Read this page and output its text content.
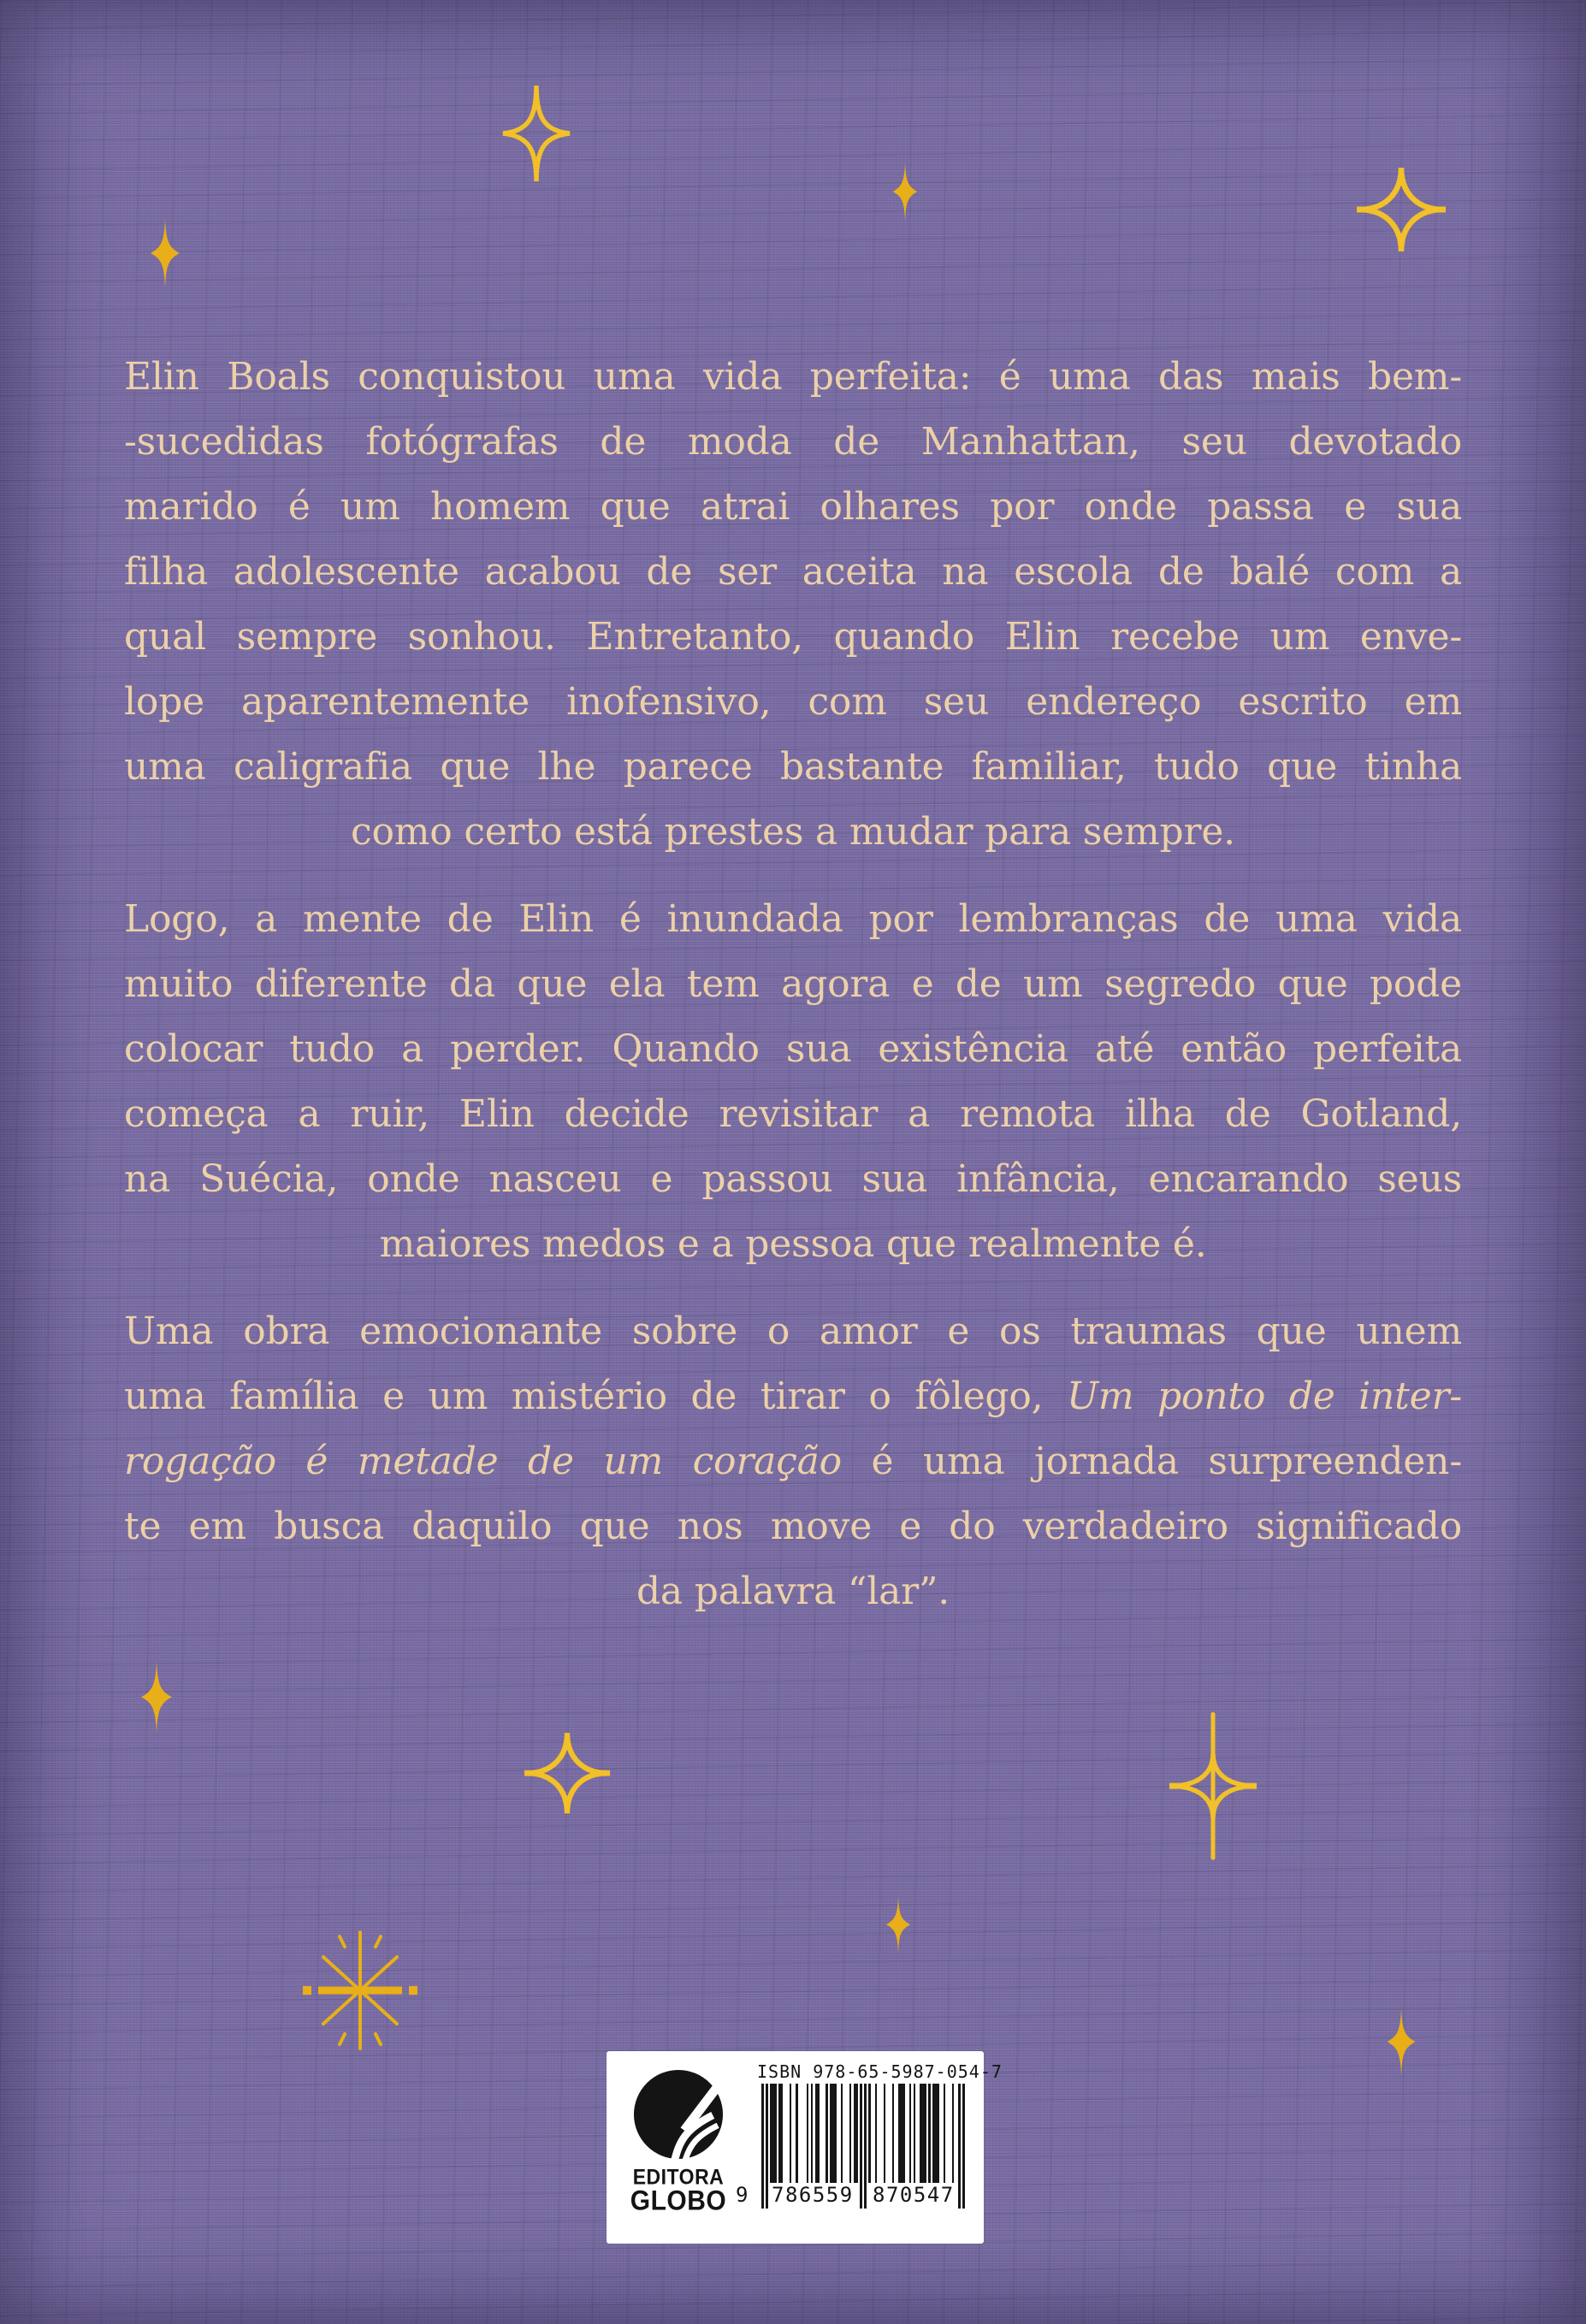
Elin Boals conquistou uma vida perfeita: é uma das mais bem-
-sucedidas fotógrafas de moda de Manhattan, seu devotado
marido é um homem que atrai olhares por onde passa e sua
filha adolescente acabou de ser aceita na escola de balé com a
qual sempre sonhou. Entretanto, quando Elin recebe um enve-
lope aparentemente inofensivo, com seu endereço escrito em
uma caligrafia que lhe parece bastante familiar, tudo que tinha
como certo está prestes a mudar para sempre.
Logo, a mente de Elin é inundada por lembranças de uma vida
muito diferente da que ela tem agora e de um segredo que pode
colocar tudo a perder. Quando sua existência até então perfeita
começa a ruir, Elin decide revisitar a remota ilha de Gotland,
na Suécia, onde nasceu e passou sua infância, encarando seus
maiores medos e a pessoa que realmente é.
Uma obra emocionante sobre o amor e os traumas que unem
uma família e um mistério de tirar o fôlego, Um ponto de inter-
rogação é metade de um coração é uma jornada surpreenden-
te em busca daquilo que nos move e do verdadeiro significado
da palavra “lar”.
EDITORA
GLOBO
ISBN 978-65-5987-054-7
9 786559 870547
